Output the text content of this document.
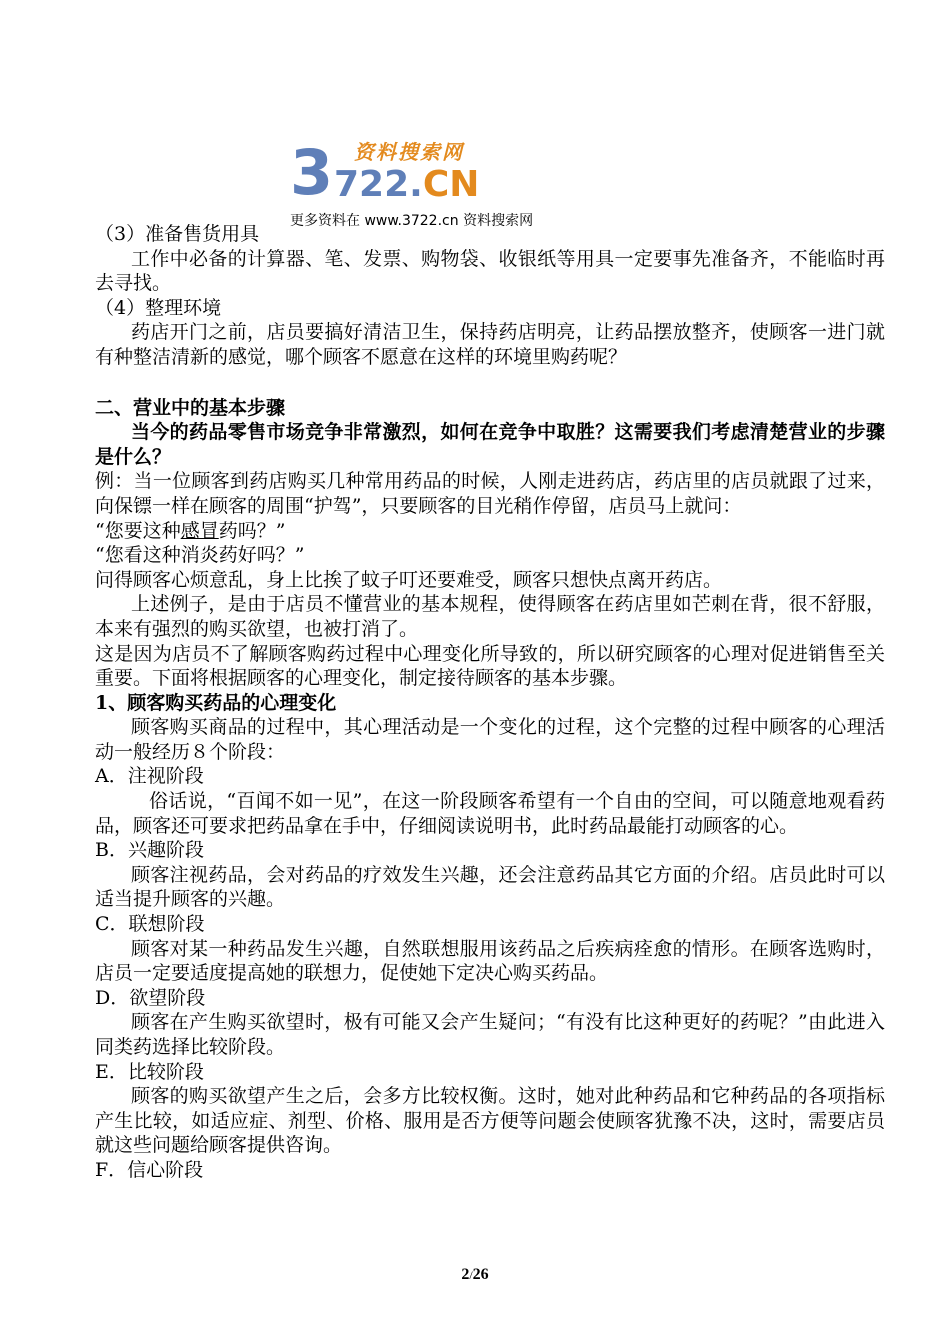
3 资料搜索网
722.CN
更多资料在 www.3722.cn 资料搜索网

（3）准备售货用具

工作中必备的计算器、笔、发票、购物袋、收银纸等用具一定要事先准备齐，不能临时再去寻找。

（4）整理环境

药店开门之前，店员要搞好清洁卫生，保持药店明亮，让药品摆放整齐，使顾客一进门就有种整洁清新的感觉，哪个顾客不愿意在这样的环境里购药呢？

二、营业中的基本步骤

当今的药品零售市场竞争非常激烈，如何在竞争中取胜？这需要我们考虑清楚营业的步骤是什么？

例：当一位顾客到药店购买几种常用药品的时候，人刚走进药店，药店里的店员就跟了过来，向保镖一样在顾客的周围“护驾”，只要顾客的目光稍作停留，店员马上就问：

“您要这种感冒药吗？”

“您看这种消炎药好吗？”

问得顾客心烦意乱，身上比挨了蚊子叮还要难受，顾客只想快点离开药店。

上述例子，是由于店员不懂营业的基本规程，使得顾客在药店里如芒刺在背，很不舒服，本来有强烈的购买欲望，也被打消了。

这是因为店员不了解顾客购药过程中心理变化所导致的，所以研究顾客的心理对促进销售至关重要。下面将根据顾客的心理变化，制定接待顾客的基本步骤。

1、顾客购买药品的心理变化

顾客购买商品的过程中，其心理活动是一个变化的过程，这个完整的过程中顾客的心理活动一般经历８个阶段：

A．注视阶段

俗话说，“百闻不如一见”，在这一阶段顾客希望有一个自由的空间，可以随意地观看药品，顾客还可要求把药品拿在手中，仔细阅读说明书，此时药品最能打动顾客的心。

B．兴趣阶段

顾客注视药品，会对药品的疗效发生兴趣，还会注意药品其它方面的介绍。店员此时可以适当提升顾客的兴趣。

C．联想阶段

顾客对某一种药品发生兴趣，自然联想服用该药品之后疾病痊愈的情形。在顾客选购时，店员一定要适度提高她的联想力，促使她下定决心购买药品。

D．欲望阶段

顾客在产生购买欲望时，极有可能又会产生疑问；“有没有比这种更好的药呢？”由此进入同类药选择比较阶段。

E．比较阶段

顾客的购买欲望产生之后，会多方比较权衡。这时，她对此种药品和它种药品的各项指标产生比较，如适应症、剂型、价格、服用是否方便等问题会使顾客犹豫不决，这时，需要店员就这些问题给顾客提供咨询。

F．信心阶段

2/26
